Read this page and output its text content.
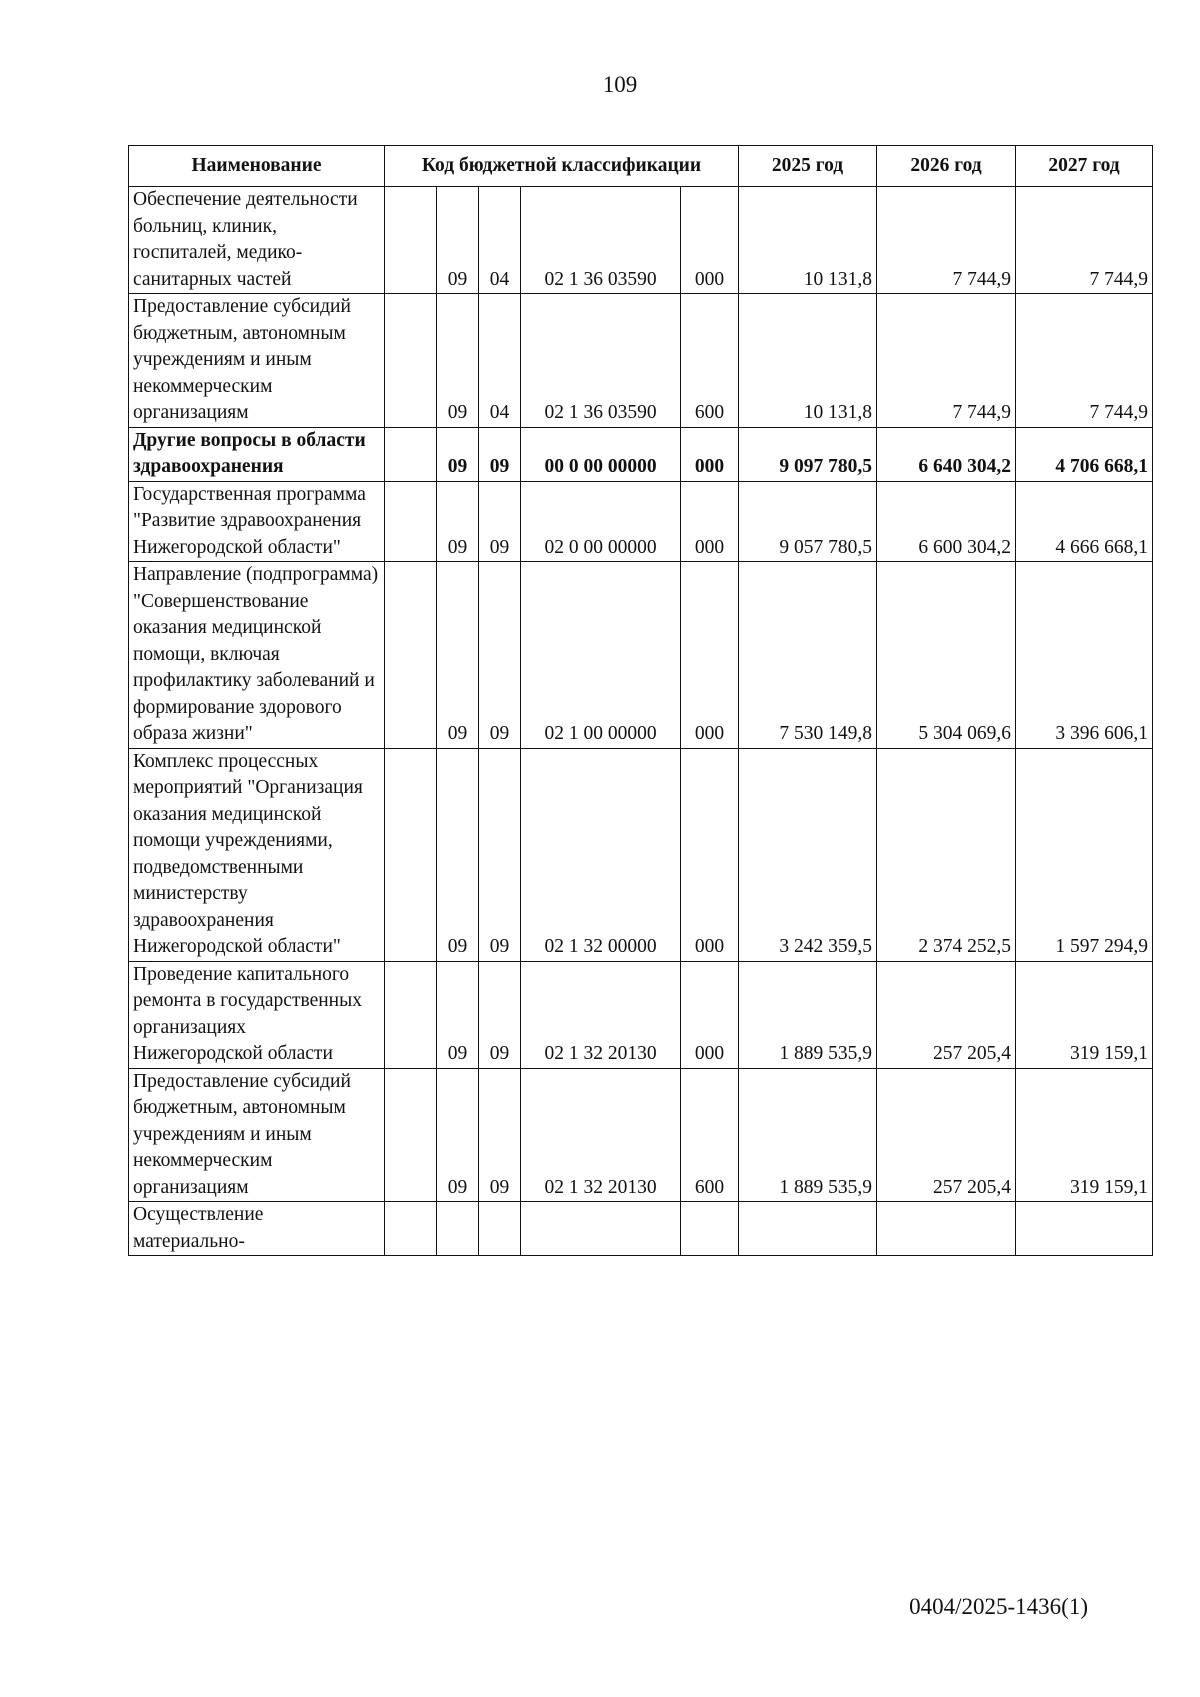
109
Наименование	Код бюджетной классификации					2025 год	2026 год	2027 год
Обеспечение деятельности больниц, клиник, госпиталей, медико-санитарных частей		09	04	02 1 36 03590	000	10 131,8	7 744,9	7 744,9
Предоставление субсидий бюджетным, автономным учреждениям и иным некоммерческим организациям		09	04	02 1 36 03590	600	10 131,8	7 744,9	7 744,9
Другие вопросы в области здравоохранения		09	09	00 0 00 00000	000	9 097 780,5	6 640 304,2	4 706 668,1
Государственная программа "Развитие здравоохранения Нижегородской области"		09	09	02 0 00 00000	000	9 057 780,5	6 600 304,2	4 666 668,1
Направление (подпрограмма) "Совершенствование оказания медицинской помощи, включая профилактику заболеваний и формирование здорового образа жизни"		09	09	02 1 00 00000	000	7 530 149,8	5 304 069,6	3 396 606,1
Комплекс процессных мероприятий "Организация оказания медицинской помощи учреждениями, подведомственными министерству здравоохранения Нижегородской области"		09	09	02 1 32 00000	000	3 242 359,5	2 374 252,5	1 597 294,9
Проведение капитального ремонта в государственных организациях Нижегородской области		09	09	02 1 32 20130	000	1 889 535,9	257 205,4	319 159,1
Предоставление субсидий бюджетным, автономным учреждениям и иным некоммерческим организациям		09	09	02 1 32 20130	600	1 889 535,9	257 205,4	319 159,1
Осуществление материально-								
0404/2025-1436(1)
